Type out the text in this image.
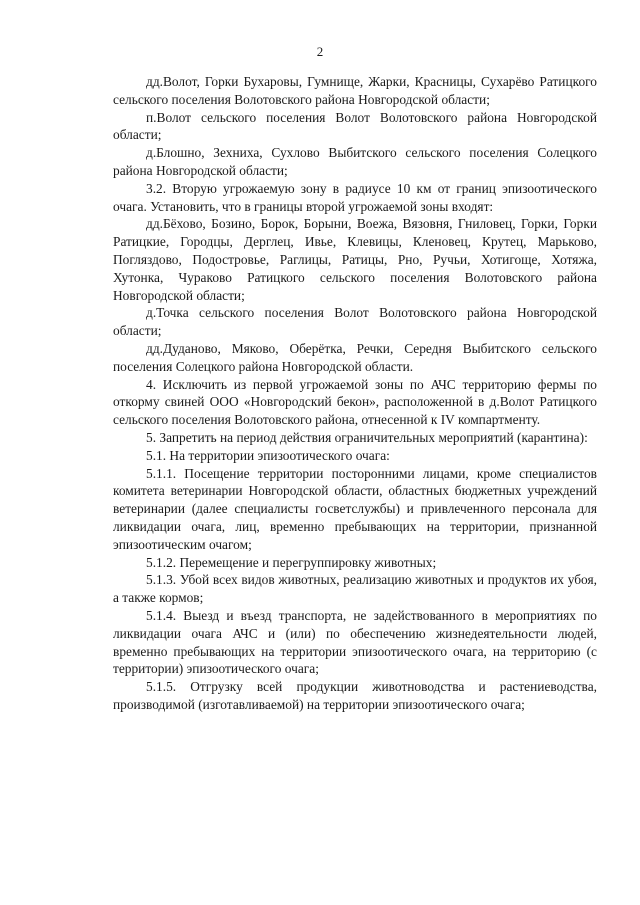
2

дд.Волот, Горки Бухаровы, Гумнище, Жарки, Красницы, Сухарёво Ратицкого сельского поселения Волотовского района Новгородской области;

п.Волот сельского поселения Волот Волотовского района Новгородской области;

д.Блошно, Зехниха, Сухлово Выбитского сельского поселения Солецкого района Новгородской области;

3.2. Вторую угрожаемую зону в радиусе 10 км от границ эпизоотического очага. Установить, что в границы второй угрожаемой зоны входят:

дд.Бёхово, Бозино, Борок, Борыни, Воежа, Вязовня, Гниловец, Горки, Горки Ратицкие, Городцы, Дерглец, Ивье, Клевицы, Кленовец, Крутец, Марьково, Погляздово, Подостровье, Раглицы, Ратицы, Рно, Ручьи, Хотигоще, Хотяжа, Хутонка, Чураково Ратицкого сельского поселения Волотовского района Новгородской области;

д.Точка сельского поселения Волот Волотовского района Новгородской области;

дд.Дуданово, Мяково, Оберётка, Речки, Середня Выбитского сельского поселения Солецкого района Новгородской области.

4. Исключить из первой угрожаемой зоны по АЧС территорию фермы по откорму свиней ООО «Новгородский бекон», расположенной в д.Волот Ратицкого сельского поселения Волотовского района, отнесенной к IV компартменту.

5. Запретить на период действия ограничительных мероприятий (карантина):

5.1. На территории эпизоотического очага:

5.1.1. Посещение территории посторонними лицами, кроме специалистов комитета ветеринарии Новгородской области, областных бюджетных учреждений ветеринарии (далее специалисты госветслужбы) и привлеченного персонала для ликвидации очага, лиц, временно пребывающих на территории, признанной эпизоотическим очагом;

5.1.2. Перемещение и перегруппировку животных;

5.1.3. Убой всех видов животных, реализацию животных и продуктов их убоя, а также кормов;

5.1.4. Выезд и въезд транспорта, не задействованного в мероприятиях по ликвидации очага АЧС и (или) по обеспечению жизнедеятельности людей, временно пребывающих на территории эпизоотического очага, на территорию (с территории) эпизоотического очага;

5.1.5. Отгрузку всей продукции животноводства и растениеводства, производимой (изготавливаемой) на территории эпизоотического очага;
